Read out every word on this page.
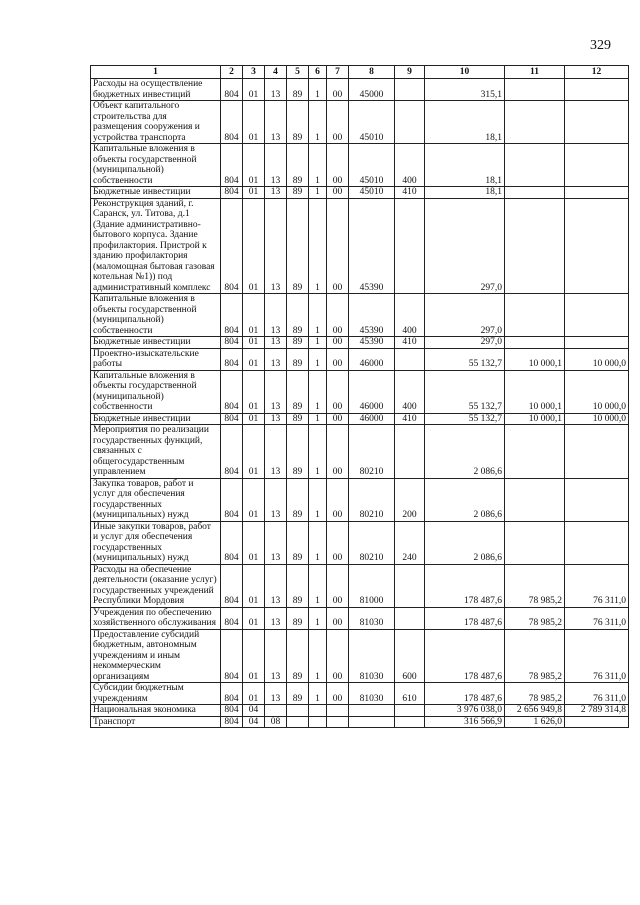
329
1	2	3	4	5	6	7	8	9	10	11	12
Расходы на осуществление бюджетных инвестиций	804	01	13	89	1	00	45000		315,1		
Объект капитального строительства для размещения сооружения и устройства транспорта	804	01	13	89	1	00	45010		18,1		
Капитальные вложения в объекты государственной (муниципальной) собственности	804	01	13	89	1	00	45010	400	18,1		
Бюджетные инвестиции	804	01	13	89	1	00	45010	410	18,1		
Реконструкция зданий, г. Саранск, ул. Титова, д.1 (Здание административно-бытового корпуса. Здание профилактория. Пристрой к зданию профилактория (маломощная бытовая газовая котельная №1)) под административный комплекс	804	01	13	89	1	00	45390		297,0		
Капитальные вложения в объекты государственной (муниципальной) собственности	804	01	13	89	1	00	45390	400	297,0		
Бюджетные инвестиции	804	01	13	89	1	00	45390	410	297,0		
Проектно-изыскательские работы	804	01	13	89	1	00	46000		55 132,7	10 000,1	10 000,0
Капитальные вложения в объекты государственной (муниципальной) собственности	804	01	13	89	1	00	46000	400	55 132,7	10 000,1	10 000,0
Бюджетные инвестиции	804	01	13	89	1	00	46000	410	55 132,7	10 000,1	10 000,0
Мероприятия по реализации государственных функций, связанных с общегосударственным управлением	804	01	13	89	1	00	80210		2 086,6		
Закупка товаров, работ и услуг для обеспечения государственных (муниципальных) нужд	804	01	13	89	1	00	80210	200	2 086,6		
Иные закупки товаров, работ и услуг для обеспечения государственных (муниципальных) нужд	804	01	13	89	1	00	80210	240	2 086,6		
Расходы на обеспечение деятельности (оказание услуг) государственных учреждений Республики Мордовия	804	01	13	89	1	00	81000		178 487,6	78 985,2	76 311,0
Учреждения по обеспечению хозяйственного обслуживания	804	01	13	89	1	00	81030		178 487,6	78 985,2	76 311,0
Предоставление субсидий бюджетным, автономным учреждениям и иным некоммерческим организациям	804	01	13	89	1	00	81030	600	178 487,6	78 985,2	76 311,0
Субсидии бюджетным учреждениям	804	01	13	89	1	00	81030	610	178 487,6	78 985,2	76 311,0
Национальная экономика	804	04							3 976 038,0	2 656 949,8	2 789 314,8
Транспорт	804	04	08						316 566,9	1 626,0	
